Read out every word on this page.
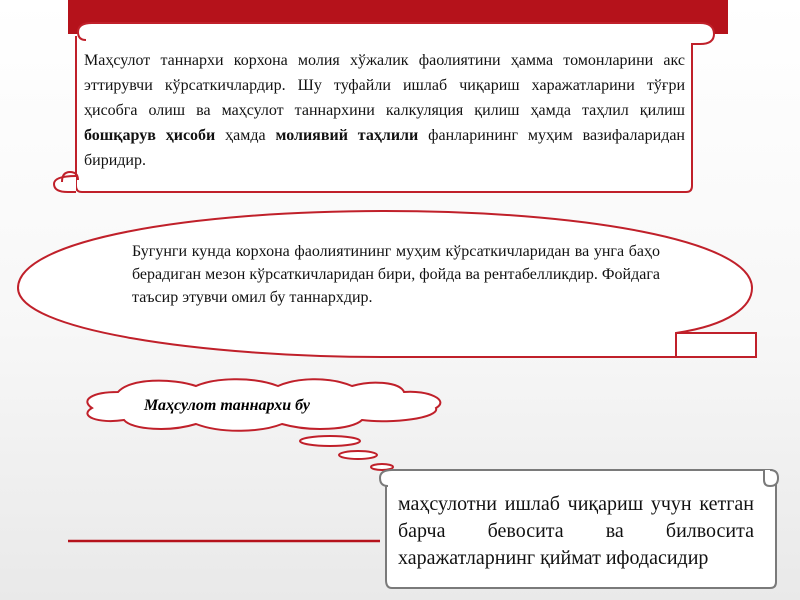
Маҳсулот таннархи корхона молия хўжалик фаолиятини ҳамма томонларини акс эттирувчи кўрсаткичлардир. Шу туфайли ишлаб чиқариш харажатларини тўғри ҳисобга олиш ва маҳсулот таннархини калкуляция қилиш ҳамда таҳлил қилиш бошқарув ҳисоби ҳамда молиявий таҳлили фанларининг муҳим вазифаларидан биридир.
Бугунги кунда корхона фаолиятининг муҳим кўрсаткичларидан ва унга баҳо берадиган мезон кўрсаткичларидан бири, фойда ва рентабелликдир. Фойдага таъсир этувчи омил бу таннархдир.
Маҳсулот таннархи бу
маҳсулотни ишлаб чиқариш учун кетган барча бевосита ва билвосита харажатларнинг қиймат ифодасидир
